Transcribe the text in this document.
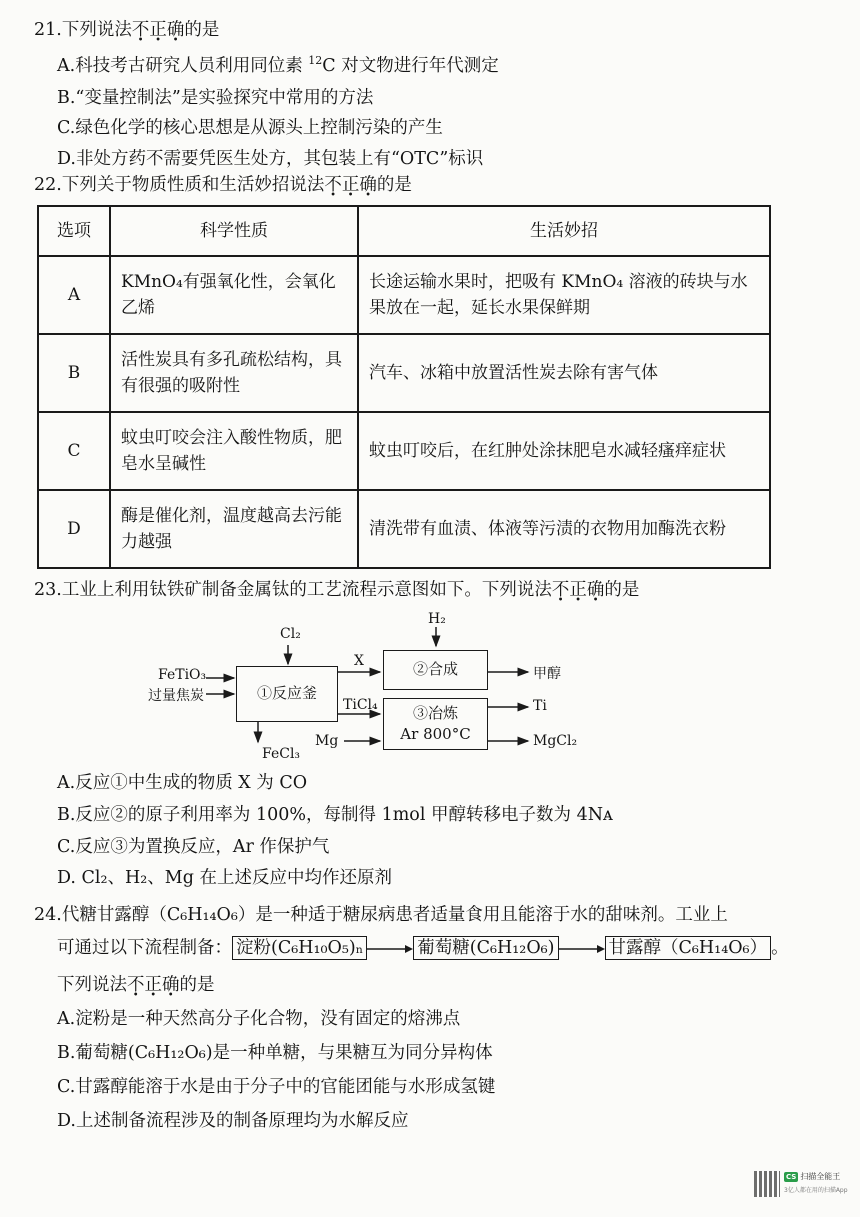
21.下列说法不正确的是
A.科技考古研究人员利用同位素 $^{12}$C 对文物进行年代测定
B.“变量控制法”是实验探究中常用的方法
C.绿色化学的核心思想是从源头上控制污染的产生
D.非处方药不需要凭医生处方，其包装上有“OTC”标识
22.下列关于物质性质和生活妙招说法不正确的是
选项	科学性质	生活妙招
A	KMnO₄有强氧化性，会氧化乙烯	长途运输水果时，把吸有 KMnO₄ 溶液的砖块与水果放在一起，延长水果保鲜期
B	活性炭具有多孔疏松结构，具有很强的吸附性	汽车、冰箱中放置活性炭去除有害气体
C	蚊虫叮咬会注入酸性物质，肥皂水呈碱性	蚊虫叮咬后，在红肿处涂抹肥皂水减轻瘙痒症状
D	酶是催化剂，温度越高去污能力越强	清洗带有血渍、体液等污渍的衣物用加酶洗衣粉
23.工业上利用钛铁矿制备金属钛的工艺流程示意图如下。下列说法不正确的是
FeTiO₃
过量焦炭
Cl₂
①反应釜
FeCl₃
X
H₂
②合成	甲醇
TiCl₄	③冶炼
Ar 800°C
Ti
Mg	MgCl₂
A.反应①中生成的物质 X 为 CO
B.反应②的原子利用率为 100%，每制得 1mol 甲醇转移电子数为 4Nᴀ
C.反应③为置换反应，Ar 作保护气
D. Cl₂、H₂、Mg 在上述反应中均作还原剂
24.代糖甘露醇（C₆H₁₄O₆）是一种适于糖尿病患者适量食用且能溶于水的甜味剂。工业上
可通过以下流程制备： 淀粉(C₆H₁₀O₅)ₙ	葡萄糖(C₆H₁₂O₆)	甘露醇（C₆H₁₄O₆） 。
下列说法不正确的是
A.淀粉是一种天然高分子化合物，没有固定的熔沸点
B.葡萄糖(C₆H₁₂O₆)是一种单糖，与果糖互为同分异构体
C.甘露醇能溶于水是由于分子中的官能团能与水形成氢键
D.上述制备流程涉及的制备原理均为水解反应
CS 扫描全能王
3亿人都在用的扫描App
